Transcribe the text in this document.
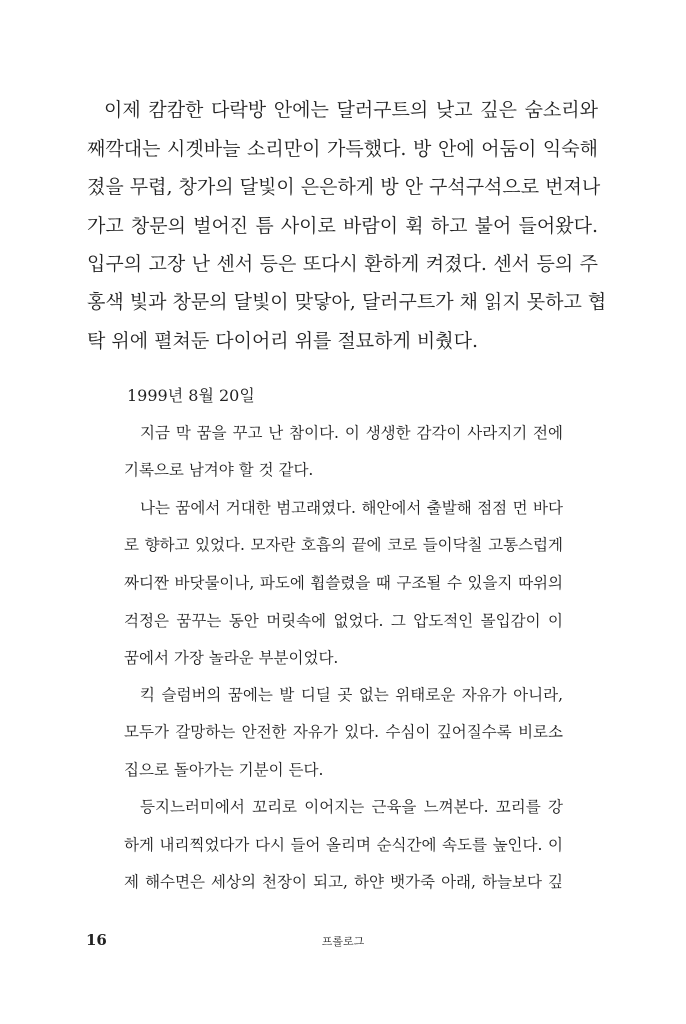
이제 캄캄한 다락방 안에는 달러구트의 낮고 깊은 숨소리와
째깍대는 시곗바늘 소리만이 가득했다. 방 안에 어둠이 익숙해
졌을 무렵, 창가의 달빛이 은은하게 방 안 구석구석으로 번져나
가고 창문의 벌어진 틈 사이로 바람이 휙 하고 불어 들어왔다.
입구의 고장 난 센서 등은 또다시 환하게 켜졌다. 센서 등의 주
홍색 빛과 창문의 달빛이 맞닿아, 달러구트가 채 읽지 못하고 협
탁 위에 펼쳐둔 다이어리 위를 절묘하게 비췄다.
1999년 8월 20일
지금 막 꿈을 꾸고 난 참이다. 이 생생한 감각이 사라지기 전에
기록으로 남겨야 할 것 같다.
나는 꿈에서 거대한 범고래였다. 해안에서 출발해 점점 먼 바다
로 향하고 있었다. 모자란 호흡의 끝에 코로 들이닥칠 고통스럽게
짜디짠 바닷물이나, 파도에 휩쓸렸을 때 구조될 수 있을지 따위의
걱정은 꿈꾸는 동안 머릿속에 없었다. 그 압도적인 몰입감이 이
꿈에서 가장 놀라운 부분이었다.
킥 슬럼버의 꿈에는 발 디딜 곳 없는 위태로운 자유가 아니라,
모두가 갈망하는 안전한 자유가 있다. 수심이 깊어질수록 비로소
집으로 돌아가는 기분이 든다.
등지느러미에서 꼬리로 이어지는 근육을 느껴본다. 꼬리를 강
하게 내리찍었다가 다시 들어 올리며 순식간에 속도를 높인다. 이
제 해수면은 세상의 천장이 되고, 하얀 뱃가죽 아래, 하늘보다 깊
16	프롤로그
